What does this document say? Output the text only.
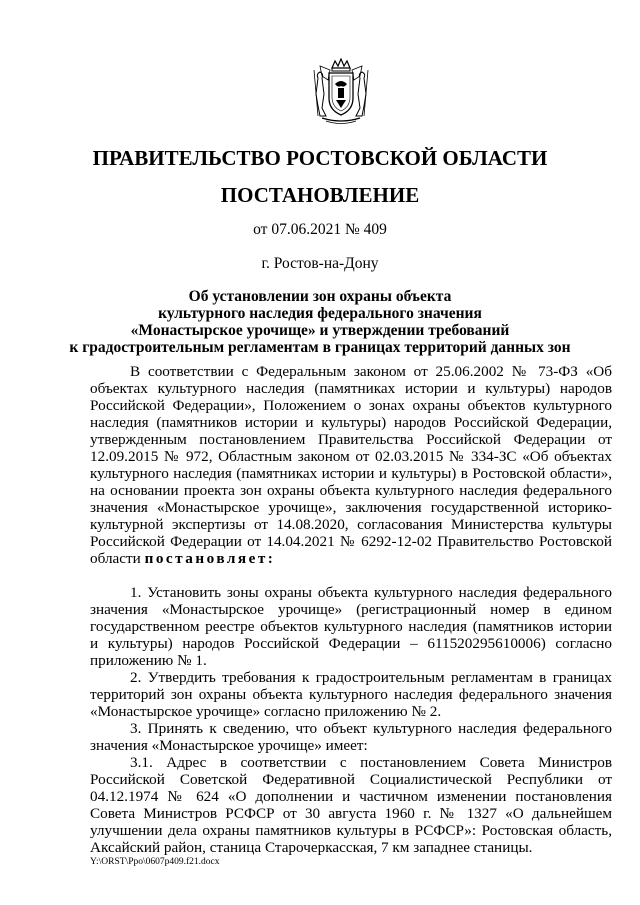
ПРАВИТЕЛЬСТВО РОСТОВСКОЙ ОБЛАСТИ
ПОСТАНОВЛЕНИЕ
от 07.06.2021 № 409
г. Ростов-на-Дону
Об установлении зон охраны объекта
культурного наследия федерального значения
«Монастырское урочище» и утверждении требований
к градостроительным регламентам в границах территорий данных зон

В соответствии с Федеральным законом от 25.06.2002 № 73-ФЗ «Об объектах культурного наследия (памятниках истории и культуры) народов Российской Федерации», Положением о зонах охраны объектов культурного наследия (памятников истории и культуры) народов Российской Федерации, утвержденным постановлением Правительства Российской Федерации от 12.09.2015 № 972, Областным законом от 02.03.2015 № 334-ЗС «Об объектах культурного наследия (памятниках истории и культуры) в Ростовской области», на основании проекта зон охраны объекта культурного наследия федерального значения «Монастырское урочище», заключения государственной историко-культурной экспертизы от 14.08.2020, согласования Министерства культуры Российской Федерации от 14.04.2021 № 6292-12-02 Правительство Ростовской области постановляет:

1. Установить зоны охраны объекта культурного наследия федерального значения «Монастырское урочище» (регистрационный номер в едином государственном реестре объектов культурного наследия (памятников истории и культуры) народов Российской Федерации – 611520295610006) согласно приложению № 1.

2. Утвердить требования к градостроительным регламентам в границах территорий зон охраны объекта культурного наследия федерального значения «Монастырское урочище» согласно приложению № 2.

3. Принять к сведению, что объект культурного наследия федерального значения «Монастырское урочище» имеет:

3.1. Адрес в соответствии с постановлением Совета Министров Российской Советской Федеративной Социалистической Республики от 04.12.1974 № 624 «О дополнении и частичном изменении постановления Совета Министров РСФСР от 30 августа 1960 г. № 1327 «О дальнейшем улучшении дела охраны памятников культуры в РСФСР»: Ростовская область, Аксайский район, станица Старочеркасская, 7 км западнее станицы.

Y:\ORST\Ppo\0607p409.f21.docx
